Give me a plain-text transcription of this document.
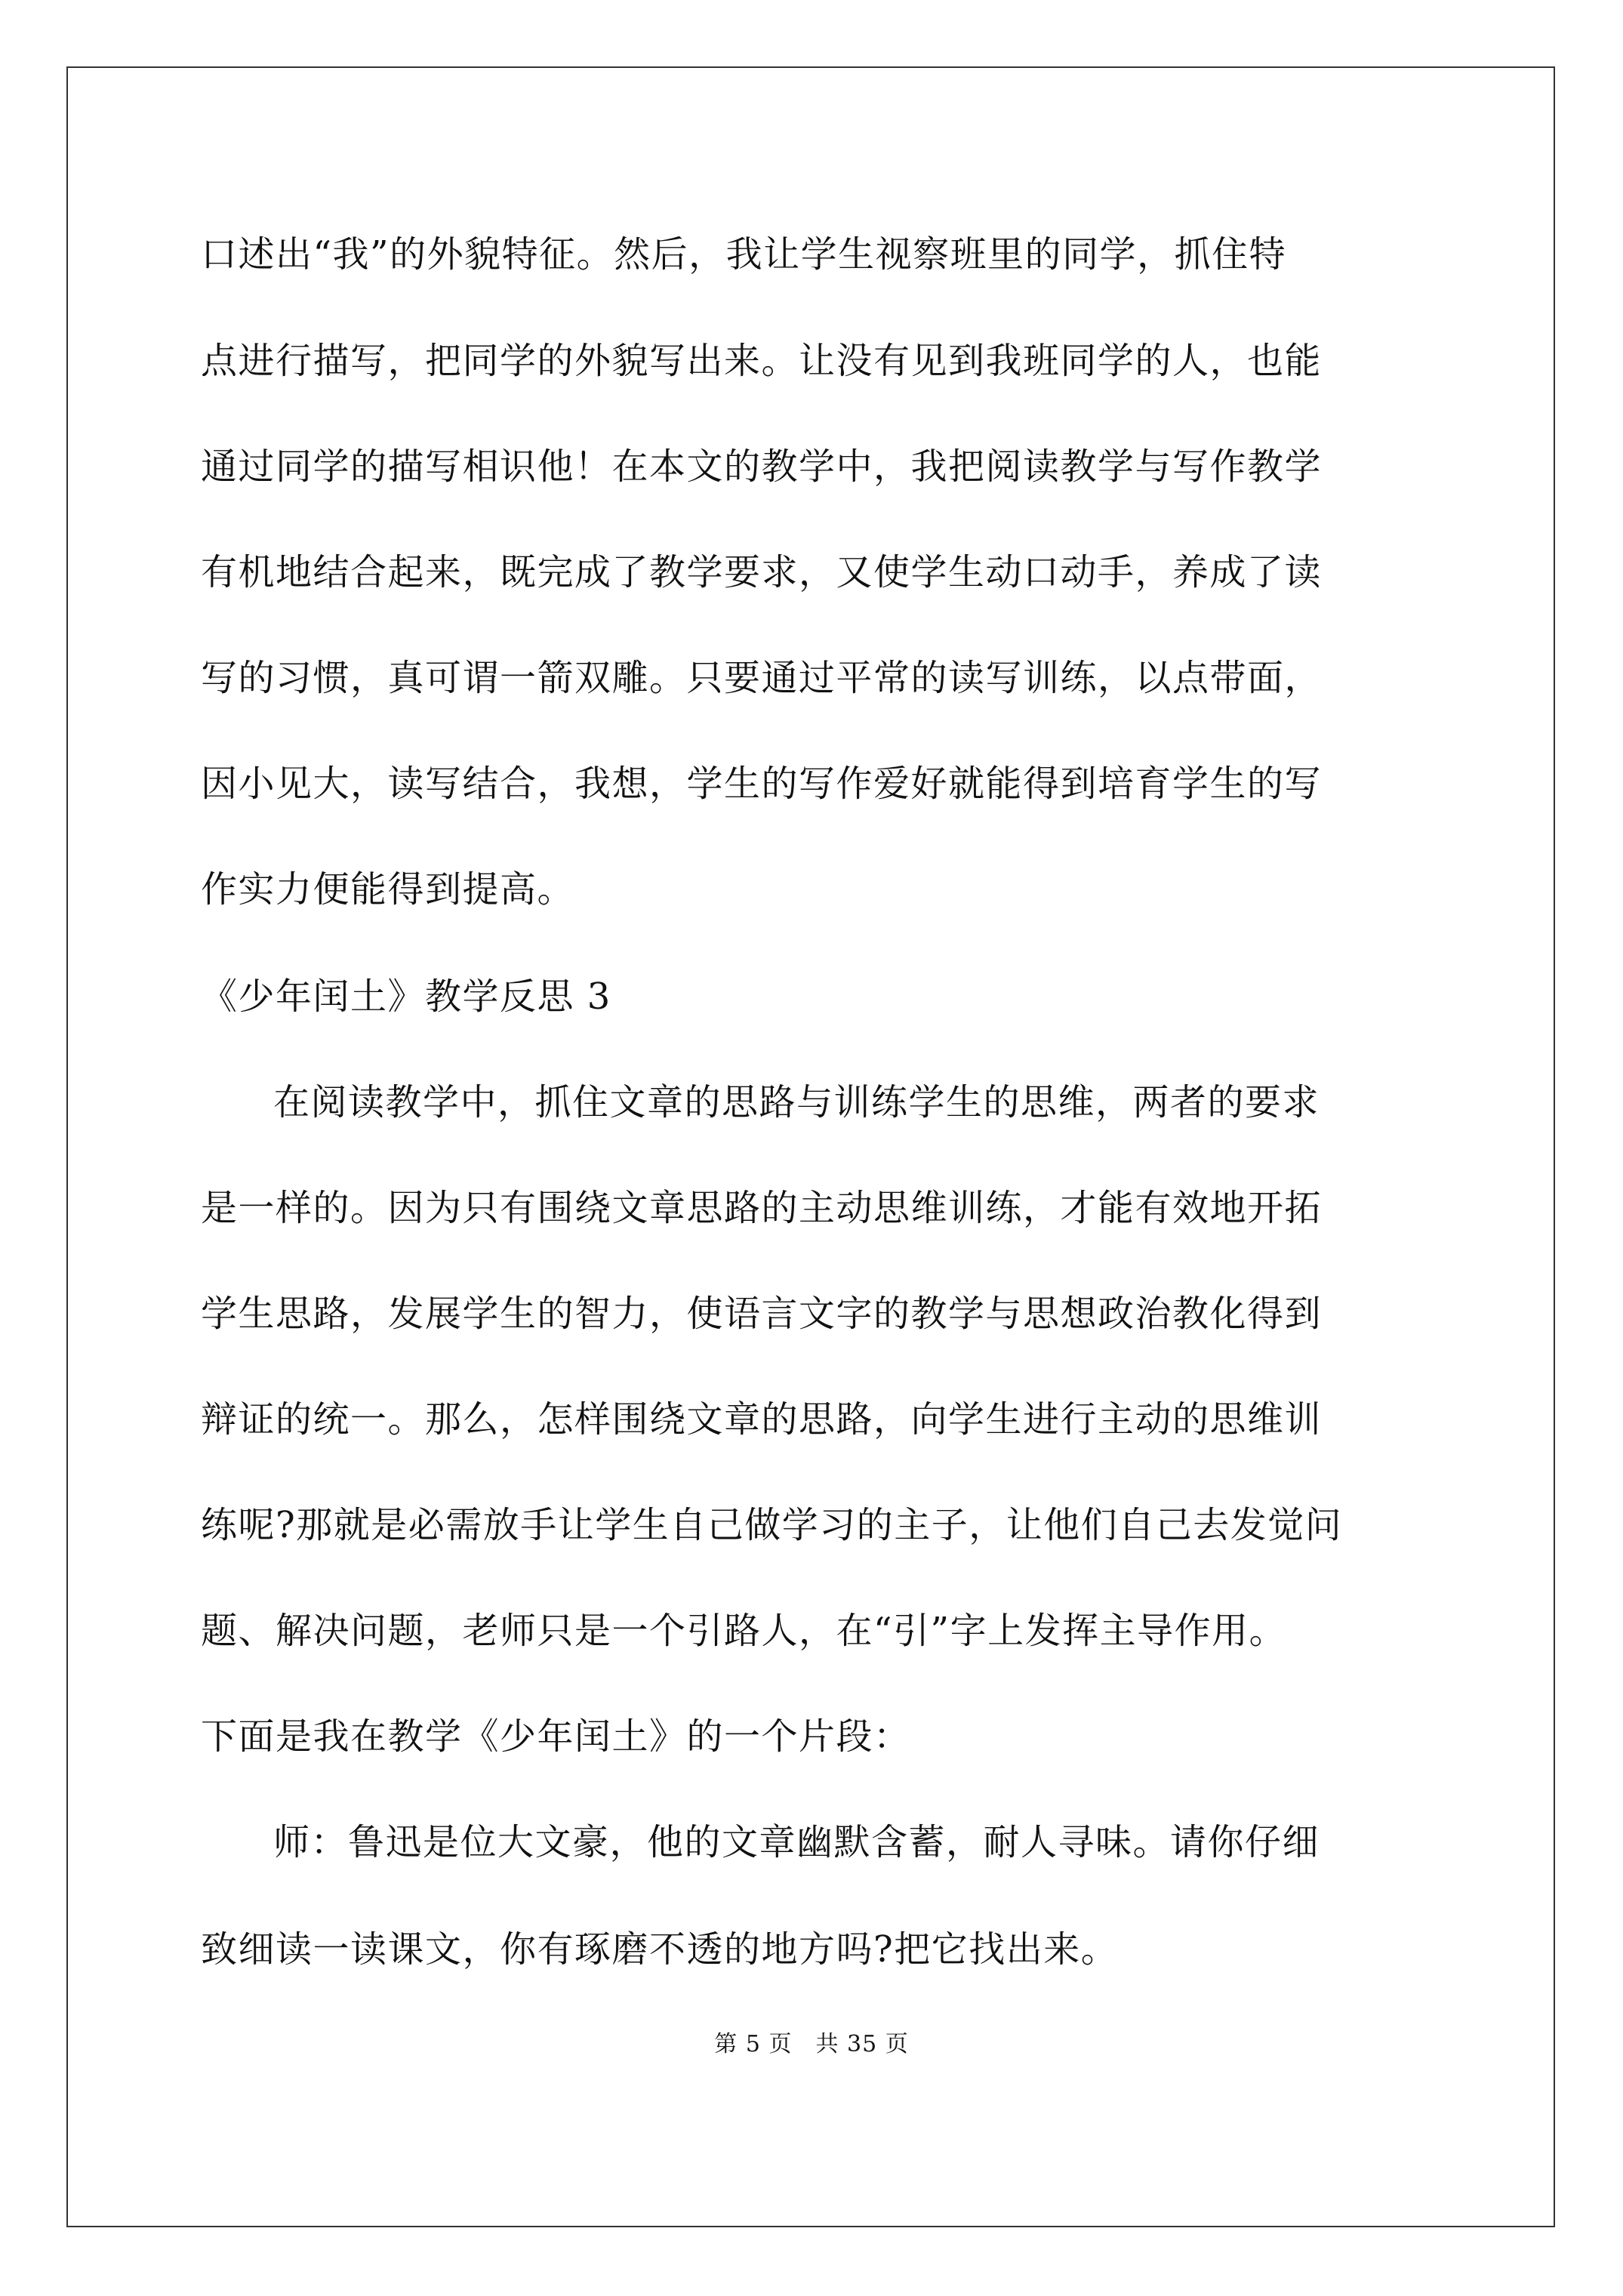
口述出“我”的外貌特征。然后，我让学生视察班里的同学，抓住特
点进行描写，把同学的外貌写出来。让没有见到我班同学的人，也能
通过同学的描写相识他！在本文的教学中，我把阅读教学与写作教学
有机地结合起来，既完成了教学要求，又使学生动口动手，养成了读
写的习惯，真可谓一箭双雕。只要通过平常的读写训练，以点带面，
因小见大，读写结合，我想，学生的写作爱好就能得到培育学生的写
作实力便能得到提高。
《少年闰土》教学反思 3
在阅读教学中，抓住文章的思路与训练学生的思维，两者的要求
是一样的。因为只有围绕文章思路的主动思维训练，才能有效地开拓
学生思路，发展学生的智力，使语言文字的教学与思想政治教化得到
辩证的统一。那么，怎样围绕文章的思路，向学生进行主动的思维训
练呢?那就是必需放手让学生自己做学习的主子，让他们自己去发觉问
题、解决问题，老师只是一个引路人，在“引”字上发挥主导作用。
下面是我在教学《少年闰土》的一个片段：
师：鲁迅是位大文豪，他的文章幽默含蓄，耐人寻味。请你仔细
致细读一读课文，你有琢磨不透的地方吗?把它找出来。
第 5 页　共 35 页
